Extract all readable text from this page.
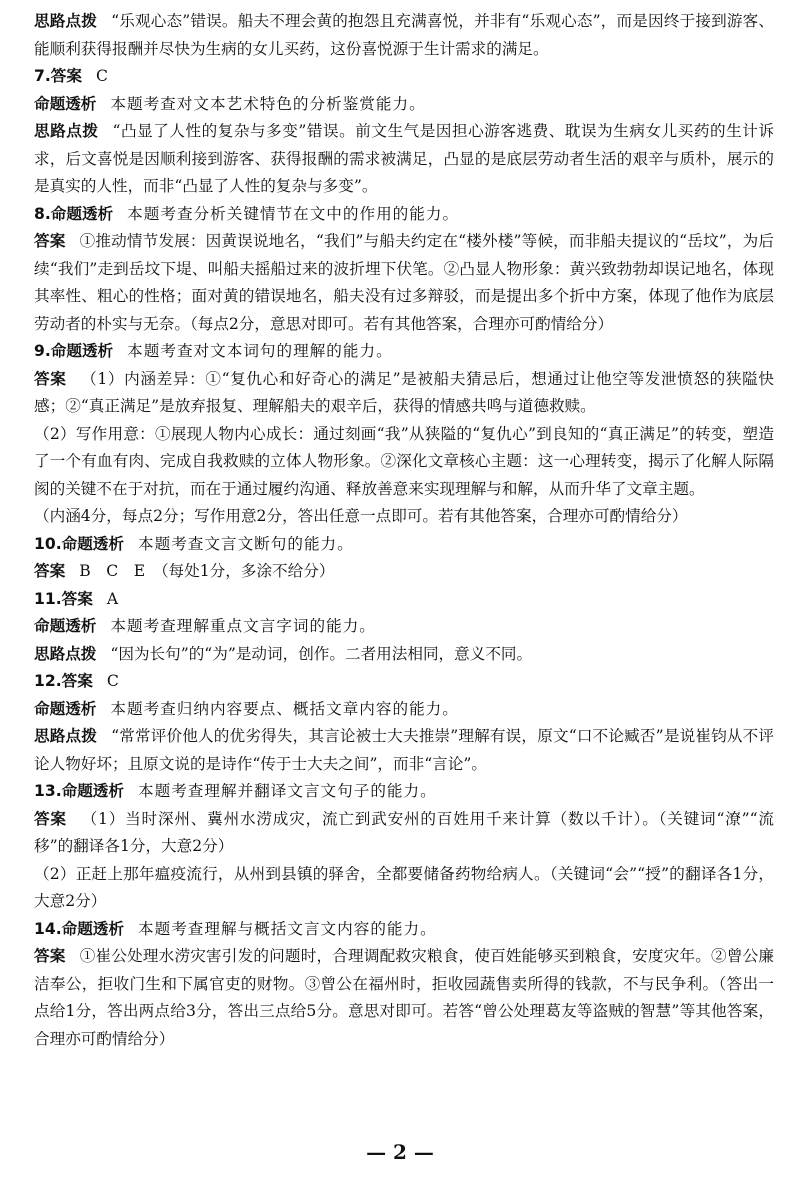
思路点拨 “乐观心态”错误。船夫不理会黄的抱怨且充满喜悦，并非有“乐观心态”，而是因终于接到游客、能顺利获得报酬并尽快为生病的女儿买药，这份喜悦源于生计需求的满足。
7.答案 C
命题透析 本题考查对文本艺术特色的分析鉴赏能力。
思路点拨 “凸显了人性的复杂与多变”错误。前文生气是因担心游客逃费、耽误为生病女儿买药的生计诉求，后文喜悦是因顺利接到游客、获得报酬的需求被满足，凸显的是底层劳动者生活的艰辛与质朴，展示的是真实的人性，而非“凸显了人性的复杂与多变”。
8.命题透析 本题考查分析关键情节在文中的作用的能力。
答案 ①推动情节发展：因黄误说地名，“我们”与船夫约定在“楼外楼”等候，而非船夫提议的“岳坟”，为后续“我们”走到岳坟下堤、叫船夫摇船过来的波折埋下伏笔。②凸显人物形象：黄兴致勃勃却误记地名，体现其率性、粗心的性格；面对黄的错误地名，船夫没有过多辩驳，而是提出多个折中方案，体现了他作为底层劳动者的朴实与无奈。（每点2分，意思对即可。若有其他答案，合理亦可酌情给分）
9.命题透析 本题考查对文本词句的理解的能力。
答案 （1）内涵差异：①“复仇心和好奇心的满足”是被船夫猜忌后，想通过让他空等发泄愤怒的狭隘快感；②“真正满足”是放弃报复、理解船夫的艰辛后，获得的情感共鸣与道德救赎。
（2）写作用意：①展现人物内心成长：通过刻画“我”从狭隘的“复仇心”到良知的“真正满足”的转变，塑造了一个有血有肉、完成自我救赎的立体人物形象。②深化文章核心主题：这一心理转变，揭示了化解人际隔阂的关键不在于对抗，而在于通过履约沟通、释放善意来实现理解与和解，从而升华了文章主题。
（内涵4分，每点2分；写作用意2分，答出任意一点即可。若有其他答案，合理亦可酌情给分）
10.命题透析 本题考查文言文断句的能力。
答案 B　C　E　（每处1分，多涂不给分）
11.答案 A
命题透析 本题考查理解重点文言字词的能力。
思路点拨 “因为长句”的“为”是动词，创作。二者用法相同，意义不同。
12.答案 C
命题透析 本题考查归纳内容要点、概括文章内容的能力。
思路点拨 “常常评价他人的优劣得失，其言论被士大夫推崇”理解有误，原文“口不论臧否”是说崔钧从不评论人物好坏；且原文说的是诗作“传于士大夫之间”，而非“言论”。
13.命题透析 本题考查理解并翻译文言文句子的能力。
答案 （1）当时深州、冀州水涝成灾，流亡到武安州的百姓用千来计算（数以千计）。（关键词“潦”“流移”的翻译各1分，大意2分）
（2）正赶上那年瘟疫流行，从州到县镇的驿舍，全都要储备药物给病人。（关键词“会”“授”的翻译各1分，大意2分）
14.命题透析 本题考查理解与概括文言文内容的能力。
答案 ①崔公处理水涝灾害引发的问题时，合理调配救灾粮食，使百姓能够买到粮食，安度灾年。②曾公廉洁奉公，拒收门生和下属官吏的财物。③曾公在福州时，拒收园蔬售卖所得的钱款，不与民争利。（答出一点给1分，答出两点给3分，答出三点给5分。意思对即可。若答“曾公处理葛友等盗贼的智慧”等其他答案，合理亦可酌情给分）
— 2 —
